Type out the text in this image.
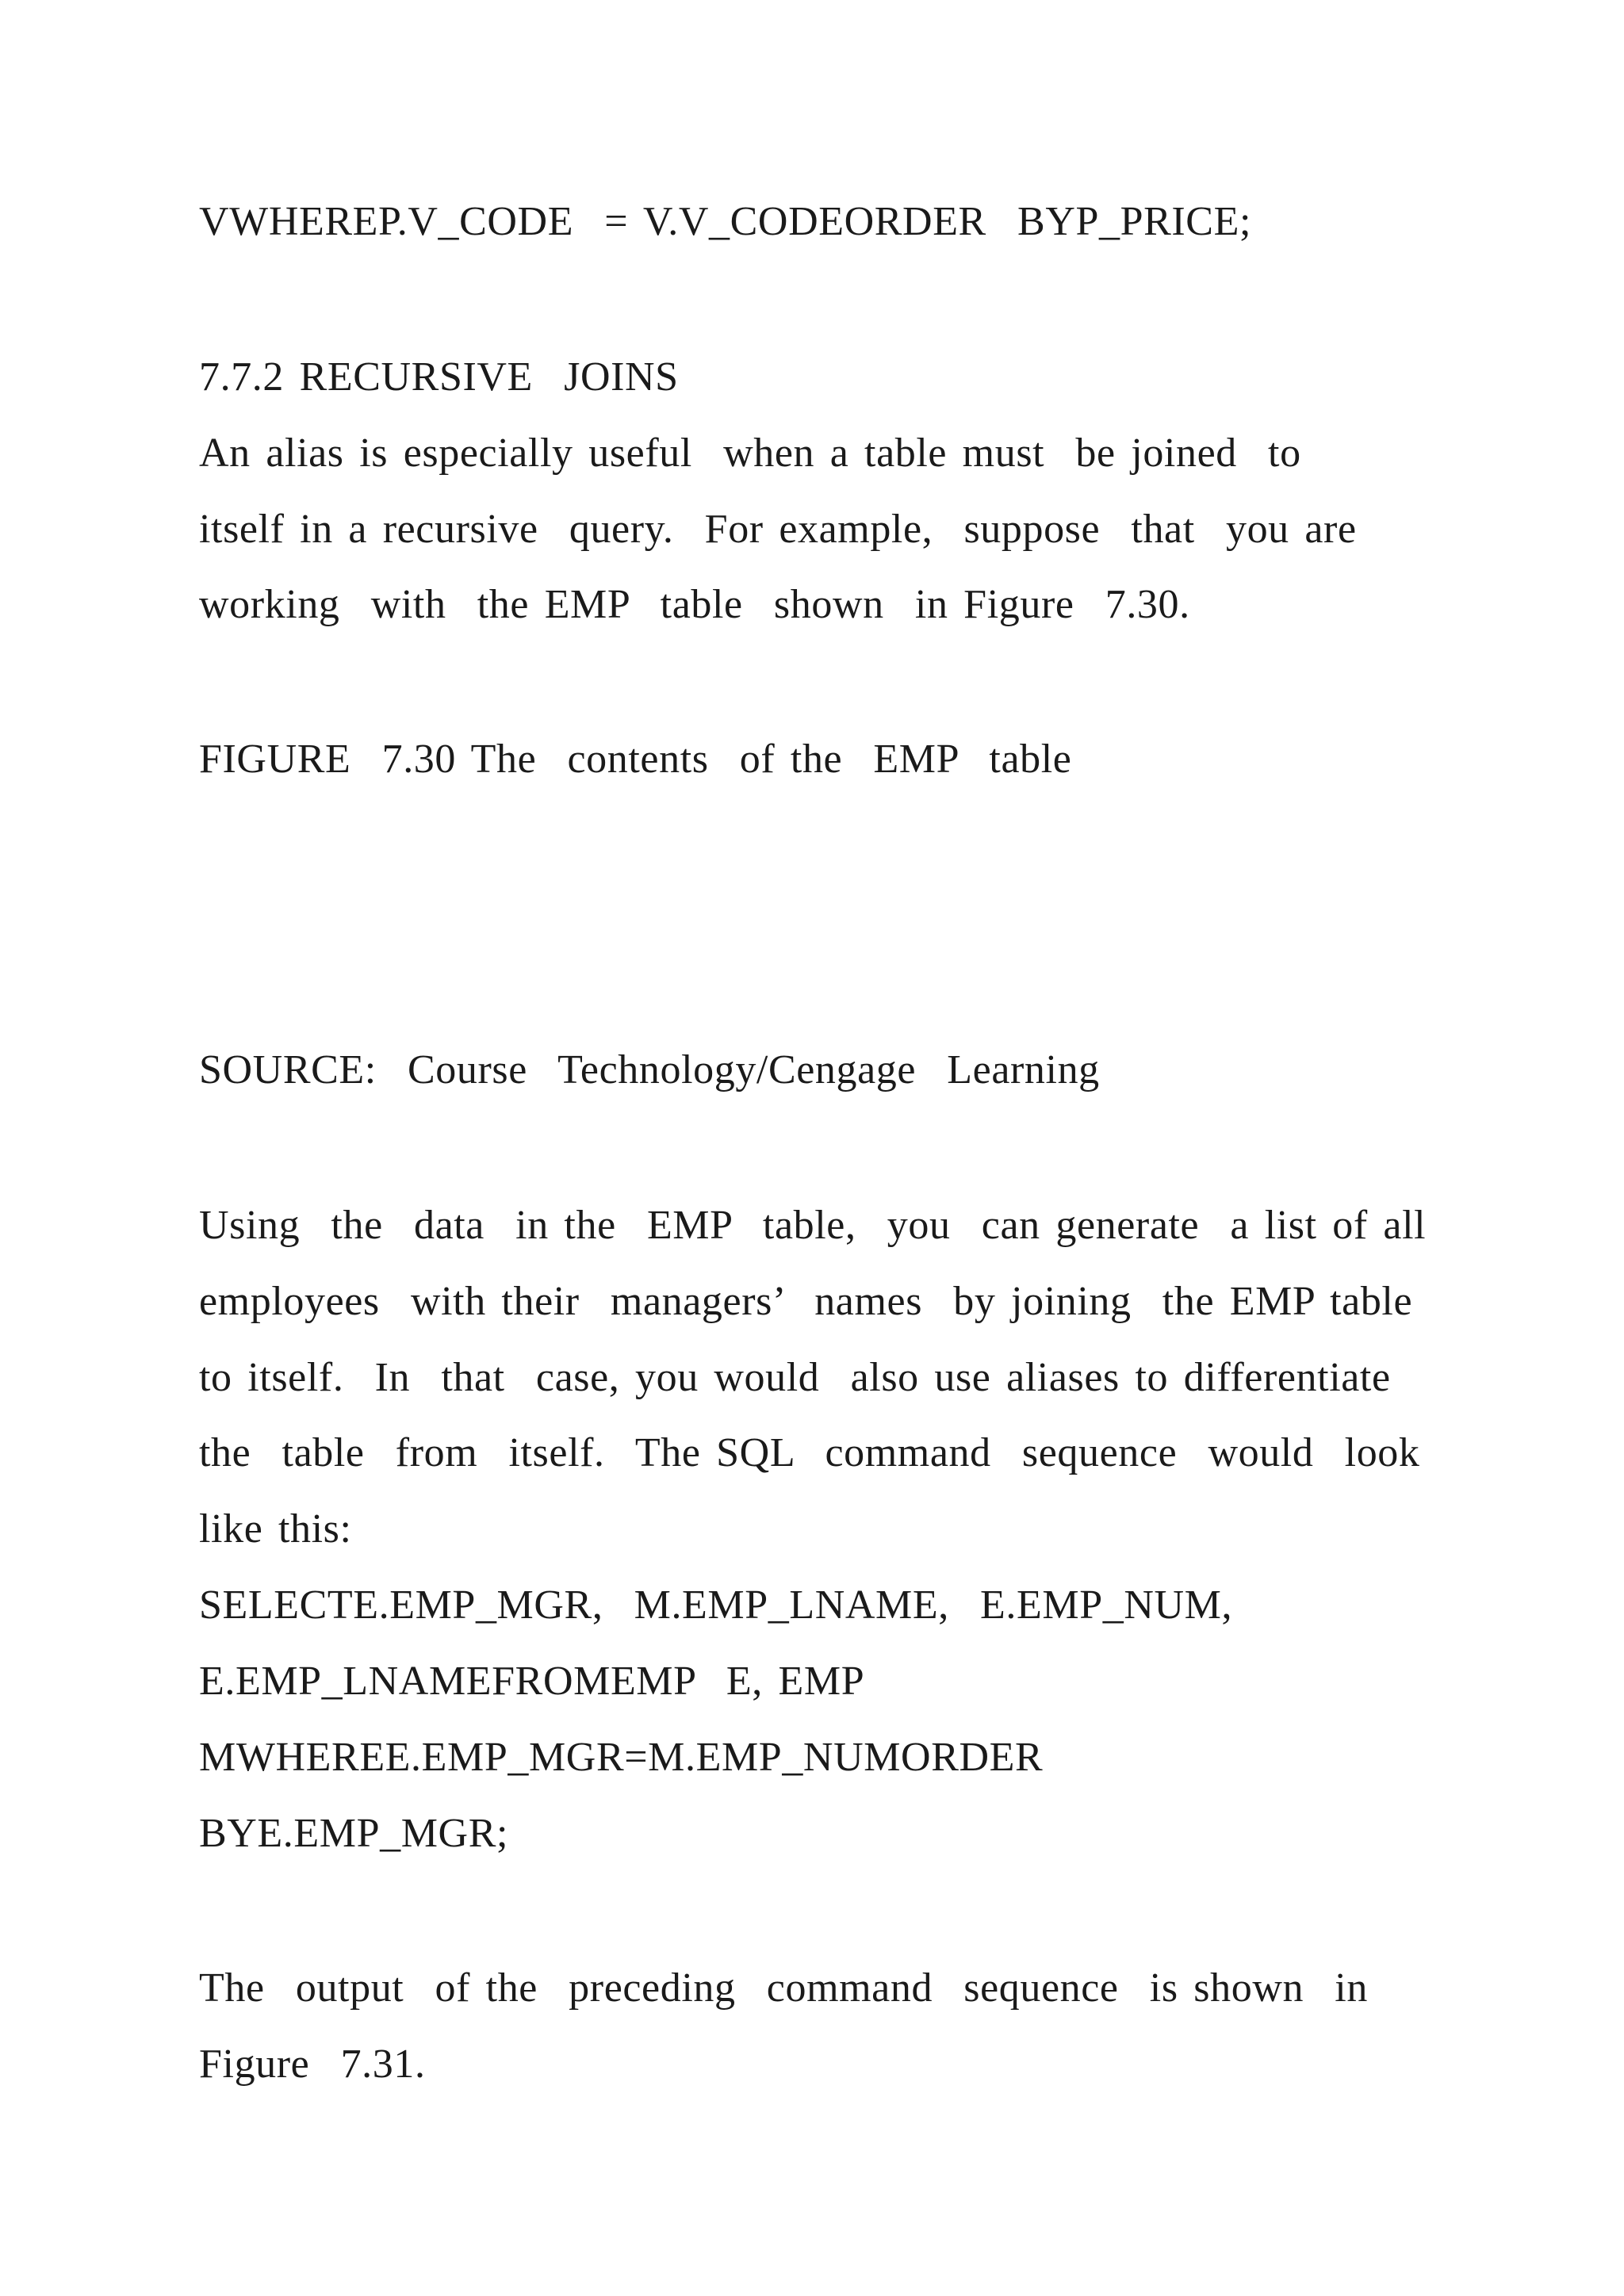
VWHEREP.V_CODE  = V.V_CODEORDER  BYP_PRICE;
7.7.2 RECURSIVE  JOINS
An alias is especially useful  when a table must  be joined  to
itself in a recursive  query.  For example,  suppose  that  you are
working  with  the EMP  table  shown  in Figure  7.30.
FIGURE  7.30 The  contents  of the  EMP  table
SOURCE:  Course  Technology/Cengage  Learning
Using  the  data  in the  EMP  table,  you  can generate  a list of all
employees  with their  managers’  names  by joining  the EMP table
to itself.  In  that  case, you would  also use aliases to differentiate
the  table  from  itself.  The SQL  command  sequence  would  look
like this:
SELECTE.EMP_MGR,  M.EMP_LNAME,  E.EMP_NUM,
E.EMP_LNAMEFROMEMP  E, EMP
MWHEREE.EMP_MGR=M.EMP_NUMORDER
BYE.EMP_MGR;
The  output  of the  preceding  command  sequence  is shown  in
Figure  7.31.
